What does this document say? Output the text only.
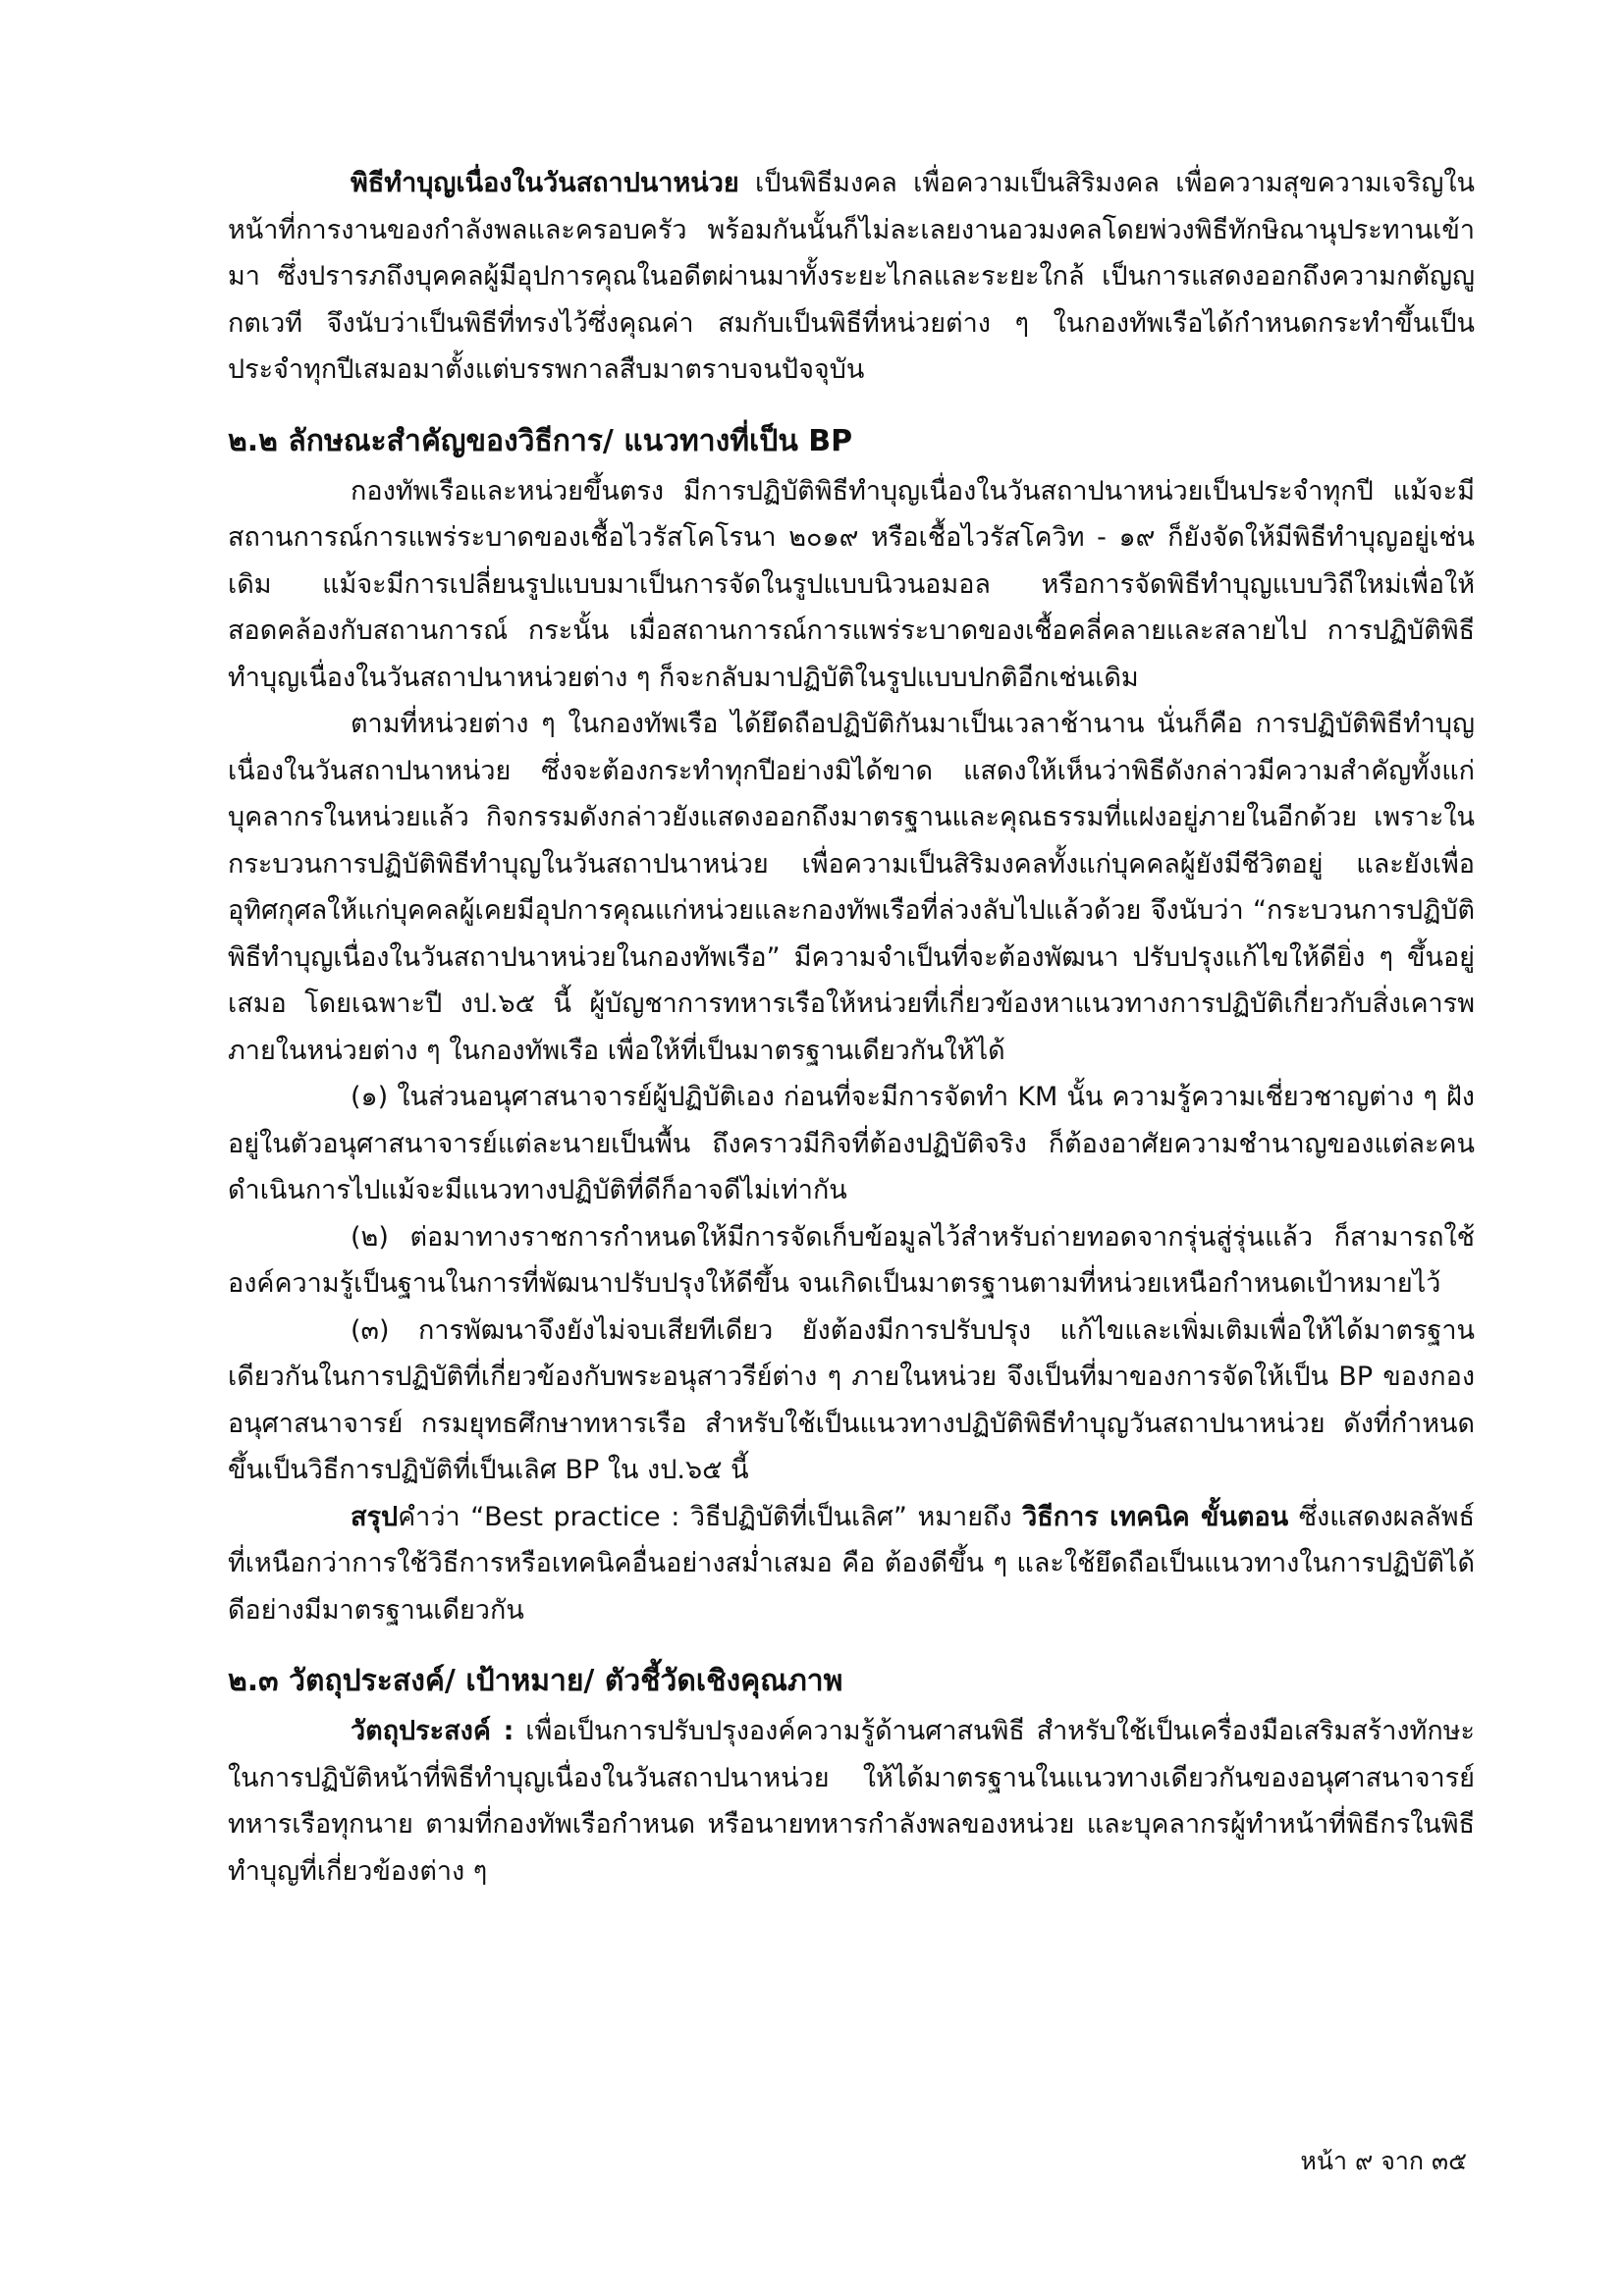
พิธีทำบุญเนื่องในวันสถาปนาหน่วย เป็นพิธีมงคล เพื่อความเป็นสิริมงคล เพื่อความสุขความเจริญในหน้าที่การงานของกำลังพลและครอบครัว พร้อมกันนั้นก็ไม่ละเลยงานอวมงคลโดยพ่วงพิธีทักษิณานุประทานเข้ามา ซึ่งปรารภถึงบุคคลผู้มีอุปการคุณในอดีตผ่านมาทั้งระยะไกลและระยะใกล้ เป็นการแสดงออกถึงความกตัญญูกตเวที จึงนับว่าเป็นพิธีที่ทรงไว้ซึ่งคุณค่า สมกับเป็นพิธีที่หน่วยต่าง ๆ ในกองทัพเรือได้กำหนดกระทำขึ้นเป็นประจำทุกปีเสมอมาตั้งแต่บรรพกาลสืบมาตราบจนปัจจุบัน

๒.๒ ลักษณะสำคัญของวิธีการ/ แนวทางที่เป็น BP

กองทัพเรือและหน่วยขึ้นตรง มีการปฏิบัติพิธีทำบุญเนื่องในวันสถาปนาหน่วยเป็นประจำทุกปี แม้จะมีสถานการณ์การแพร่ระบาดของเชื้อไวรัสโคโรนา ๒๐๑๙ หรือเชื้อไวรัสโควิท - ๑๙ ก็ยังจัดให้มีพิธีทำบุญอยู่เช่นเดิม แม้จะมีการเปลี่ยนรูปแบบมาเป็นการจัดในรูปแบบนิวนอมอล หรือการจัดพิธีทำบุญแบบวิถีใหม่เพื่อให้สอดคล้องกับสถานการณ์ กระนั้น เมื่อสถานการณ์การแพร่ระบาดของเชื้อคลี่คลายและสลายไป การปฏิบัติพิธีทำบุญเนื่องในวันสถาปนาหน่วยต่าง ๆ ก็จะกลับมาปฏิบัติในรูปแบบปกติอีกเช่นเดิม

ตามที่หน่วยต่าง ๆ ในกองทัพเรือ ได้ยึดถือปฏิบัติกันมาเป็นเวลาช้านาน นั่นก็คือ การปฏิบัติพิธีทำบุญเนื่องในวันสถาปนาหน่วย ซึ่งจะต้องกระทำทุกปีอย่างมิได้ขาด แสดงให้เห็นว่าพิธีดังกล่าวมีความสำคัญทั้งแก่บุคลากรในหน่วยแล้ว กิจกรรมดังกล่าวยังแสดงออกถึงมาตรฐานและคุณธรรมที่แฝงอยู่ภายในอีกด้วย เพราะในกระบวนการปฏิบัติพิธีทำบุญในวันสถาปนาหน่วย เพื่อความเป็นสิริมงคลทั้งแก่บุคคลผู้ยังมีชีวิตอยู่ และยังเพื่ออุทิศกุศลให้แก่บุคคลผู้เคยมีอุปการคุณแก่หน่วยและกองทัพเรือที่ล่วงลับไปแล้วด้วย จึงนับว่า “กระบวนการปฏิบัติพิธีทำบุญเนื่องในวันสถาปนาหน่วยในกองทัพเรือ” มีความจำเป็นที่จะต้องพัฒนา ปรับปรุงแก้ไขให้ดียิ่ง ๆ ขึ้นอยู่เสมอ โดยเฉพาะปี งป.๖๕ นี้ ผู้บัญชาการทหารเรือให้หน่วยที่เกี่ยวข้องหาแนวทางการปฏิบัติเกี่ยวกับสิ่งเคารพภายในหน่วยต่าง ๆ ในกองทัพเรือ เพื่อให้ที่เป็นมาตรฐานเดียวกันให้ได้

(๑) ในส่วนอนุศาสนาจารย์ผู้ปฏิบัติเอง ก่อนที่จะมีการจัดทำ KM นั้น ความรู้ความเชี่ยวชาญต่าง ๆ ฝังอยู่ในตัวอนุศาสนาจารย์แต่ละนายเป็นพื้น ถึงคราวมีกิจที่ต้องปฏิบัติจริง ก็ต้องอาศัยความชำนาญของแต่ละคนดำเนินการไปแม้จะมีแนวทางปฏิบัติที่ดีก็อาจดีไม่เท่ากัน

(๒) ต่อมาทางราชการกำหนดให้มีการจัดเก็บข้อมูลไว้สำหรับถ่ายทอดจากรุ่นสู่รุ่นแล้ว ก็สามารถใช้องค์ความรู้เป็นฐานในการที่พัฒนาปรับปรุงให้ดีขึ้น จนเกิดเป็นมาตรฐานตามที่หน่วยเหนือกำหนดเป้าหมายไว้

(๓) การพัฒนาจึงยังไม่จบเสียทีเดียว ยังต้องมีการปรับปรุง แก้ไขและเพิ่มเติมเพื่อให้ได้มาตรฐานเดียวกันในการปฏิบัติที่เกี่ยวข้องกับพระอนุสาวรีย์ต่าง ๆ ภายในหน่วย จึงเป็นที่มาของการจัดให้เป็น BP ของกองอนุศาสนาจารย์ กรมยุทธศึกษาทหารเรือ สำหรับใช้เป็นแนวทางปฏิบัติพิธีทำบุญวันสถาปนาหน่วย ดังที่กำหนดขึ้นเป็นวิธีการปฏิบัติที่เป็นเลิศ BP ใน งป.๖๕ นี้

สรุปคำว่า “Best practice : วิธีปฏิบัติที่เป็นเลิศ” หมายถึง วิธีการ เทคนิค ขั้นตอน ซึ่งแสดงผลลัพธ์ที่เหนือกว่าการใช้วิธีการหรือเทคนิคอื่นอย่างสม่ำเสมอ คือ ต้องดีขึ้น ๆ และใช้ยึดถือเป็นแนวทางในการปฏิบัติได้ดีอย่างมีมาตรฐานเดียวกัน

๒.๓ วัตถุประสงค์/ เป้าหมาย/ ตัวชี้วัดเชิงคุณภาพ

วัตถุประสงค์ : เพื่อเป็นการปรับปรุงองค์ความรู้ด้านศาสนพิธี สำหรับใช้เป็นเครื่องมือเสริมสร้างทักษะในการปฏิบัติหน้าที่พิธีทำบุญเนื่องในวันสถาปนาหน่วย ให้ได้มาตรฐานในแนวทางเดียวกันของอนุศาสนาจารย์ทหารเรือทุกนาย ตามที่กองทัพเรือกำหนด หรือนายทหารกำลังพลของหน่วย และบุคลากรผู้ทำหน้าที่พิธีกรในพิธีทำบุญที่เกี่ยวข้องต่าง ๆ

หน้า ๙ จาก ๓๕
